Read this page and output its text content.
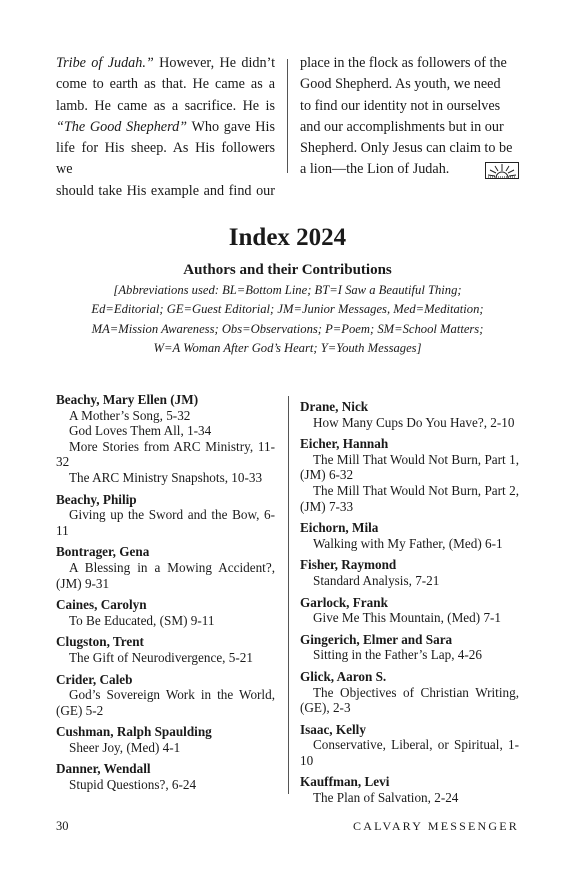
Tribe of Judah.” However, He didn’t
come to earth as that. He came as a
lamb. He came as a sacrifice. He is
“The Good Shepherd” Who gave His
life for His sheep. As His followers we
should take His example and find our
place in the flock as followers of the
Good Shepherd. As youth, we need
to find our identity not in ourselves
and our accomplishments but in our
Shepherd. Only Jesus can claim to be
a lion—the Lion of Judah.
Index 2024
Authors and their Contributions
[Abbreviations used: BL=Bottom Line; BT=I Saw a Beautiful Thing;
Ed=Editorial; GE=Guest Editorial; JM=Junior Messages, Med=Meditation;
MA=Mission Awareness; Obs=Observations; P=Poem; SM=School Matters;
W=A Woman After God’s Heart; Y=Youth Messages]
Beachy, Mary Ellen (JM)
A Mother’s Song, 5-32
God Loves Them All, 1-34
More Stories from ARC Ministry, 11-32
The ARC Ministry Snapshots, 10-33
Beachy, Philip
Giving up the Sword and the Bow, 6-11
Bontrager, Gena
A Blessing in a Mowing Accident?, (JM) 9-31
Caines, Carolyn
To Be Educated, (SM) 9-11
Clugston, Trent
The Gift of Neurodivergence, 5-21
Crider, Caleb
God’s Sovereign Work in the World, (GE) 5-2
Cushman, Ralph Spaulding
Sheer Joy, (Med) 4-1
Danner, Wendall
Stupid Questions?, 6-24
Drane, Nick
How Many Cups Do You Have?, 2-10
Eicher, Hannah
The Mill That Would Not Burn, Part 1, (JM) 6-32
The Mill That Would Not Burn, Part 2, (JM) 7-33
Eichorn, Mila
Walking with My Father, (Med) 6-1
Fisher, Raymond
Standard Analysis, 7-21
Garlock, Frank
Give Me This Mountain, (Med) 7-1
Gingerich, Elmer and Sara
Sitting in the Father’s Lap, 4-26
Glick, Aaron S.
The Objectives of Christian Writing, (GE), 2-3
Isaac, Kelly
Conservative, Liberal, or Spiritual, 1-10
Kauffman, Levi
The Plan of Salvation, 2-24
30	CALVARY MESSENGER
